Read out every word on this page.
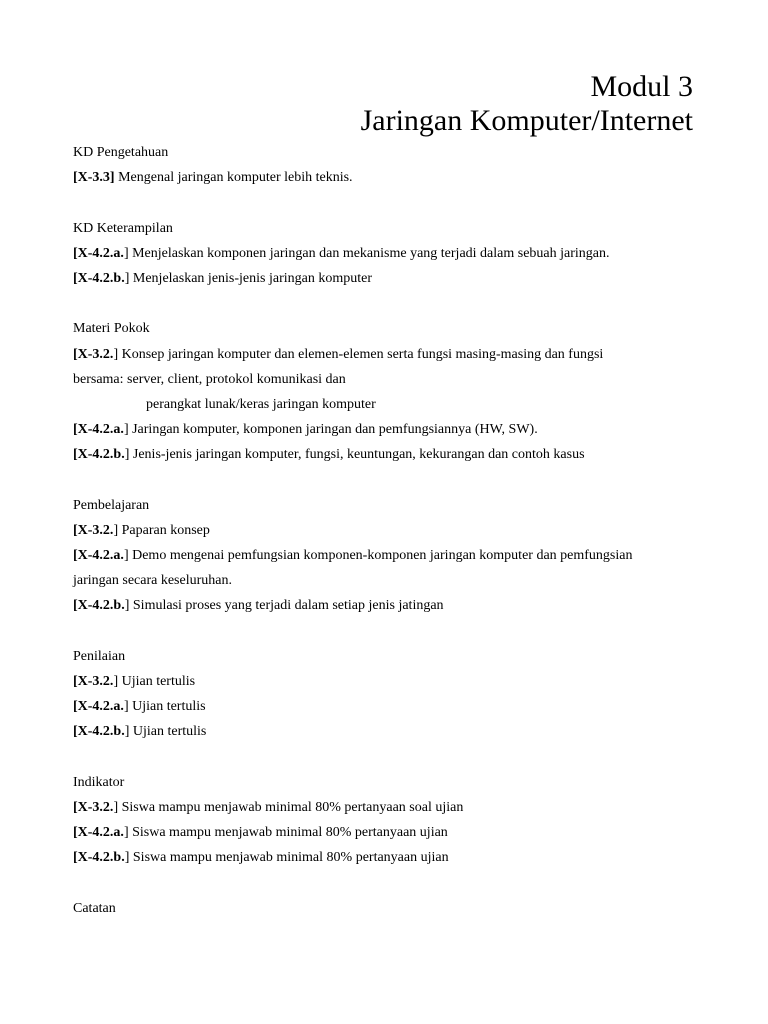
Modul 3
Jaringan Komputer/Internet
KD Pengetahuan
[X-3.3] Mengenal jaringan komputer lebih teknis.
KD Keterampilan
[X-4.2.a.] Menjelaskan komponen jaringan dan mekanisme yang terjadi dalam sebuah jaringan.
[X-4.2.b.] Menjelaskan jenis-jenis jaringan komputer
Materi Pokok
[X-3.2.] Konsep jaringan komputer dan elemen-elemen serta fungsi masing-masing dan fungsi
bersama: server, client, protokol komunikasi dan
perangkat lunak/keras jaringan komputer
[X-4.2.a.] Jaringan komputer, komponen jaringan dan pemfungsiannya (HW, SW).
[X-4.2.b.] Jenis-jenis jaringan komputer, fungsi, keuntungan, kekurangan dan contoh kasus
Pembelajaran
[X-3.2.] Paparan konsep
[X-4.2.a.] Demo mengenai pemfungsian komponen-komponen jaringan komputer dan pemfungsian
jaringan secara keseluruhan.
[X-4.2.b.] Simulasi proses yang terjadi dalam setiap jenis jatingan
Penilaian
[X-3.2.] Ujian tertulis
[X-4.2.a.] Ujian tertulis
[X-4.2.b.] Ujian tertulis
Indikator
[X-3.2.] Siswa mampu menjawab minimal 80% pertanyaan soal ujian
[X-4.2.a.] Siswa mampu menjawab minimal 80% pertanyaan ujian
[X-4.2.b.] Siswa mampu menjawab minimal 80% pertanyaan ujian
Catatan
